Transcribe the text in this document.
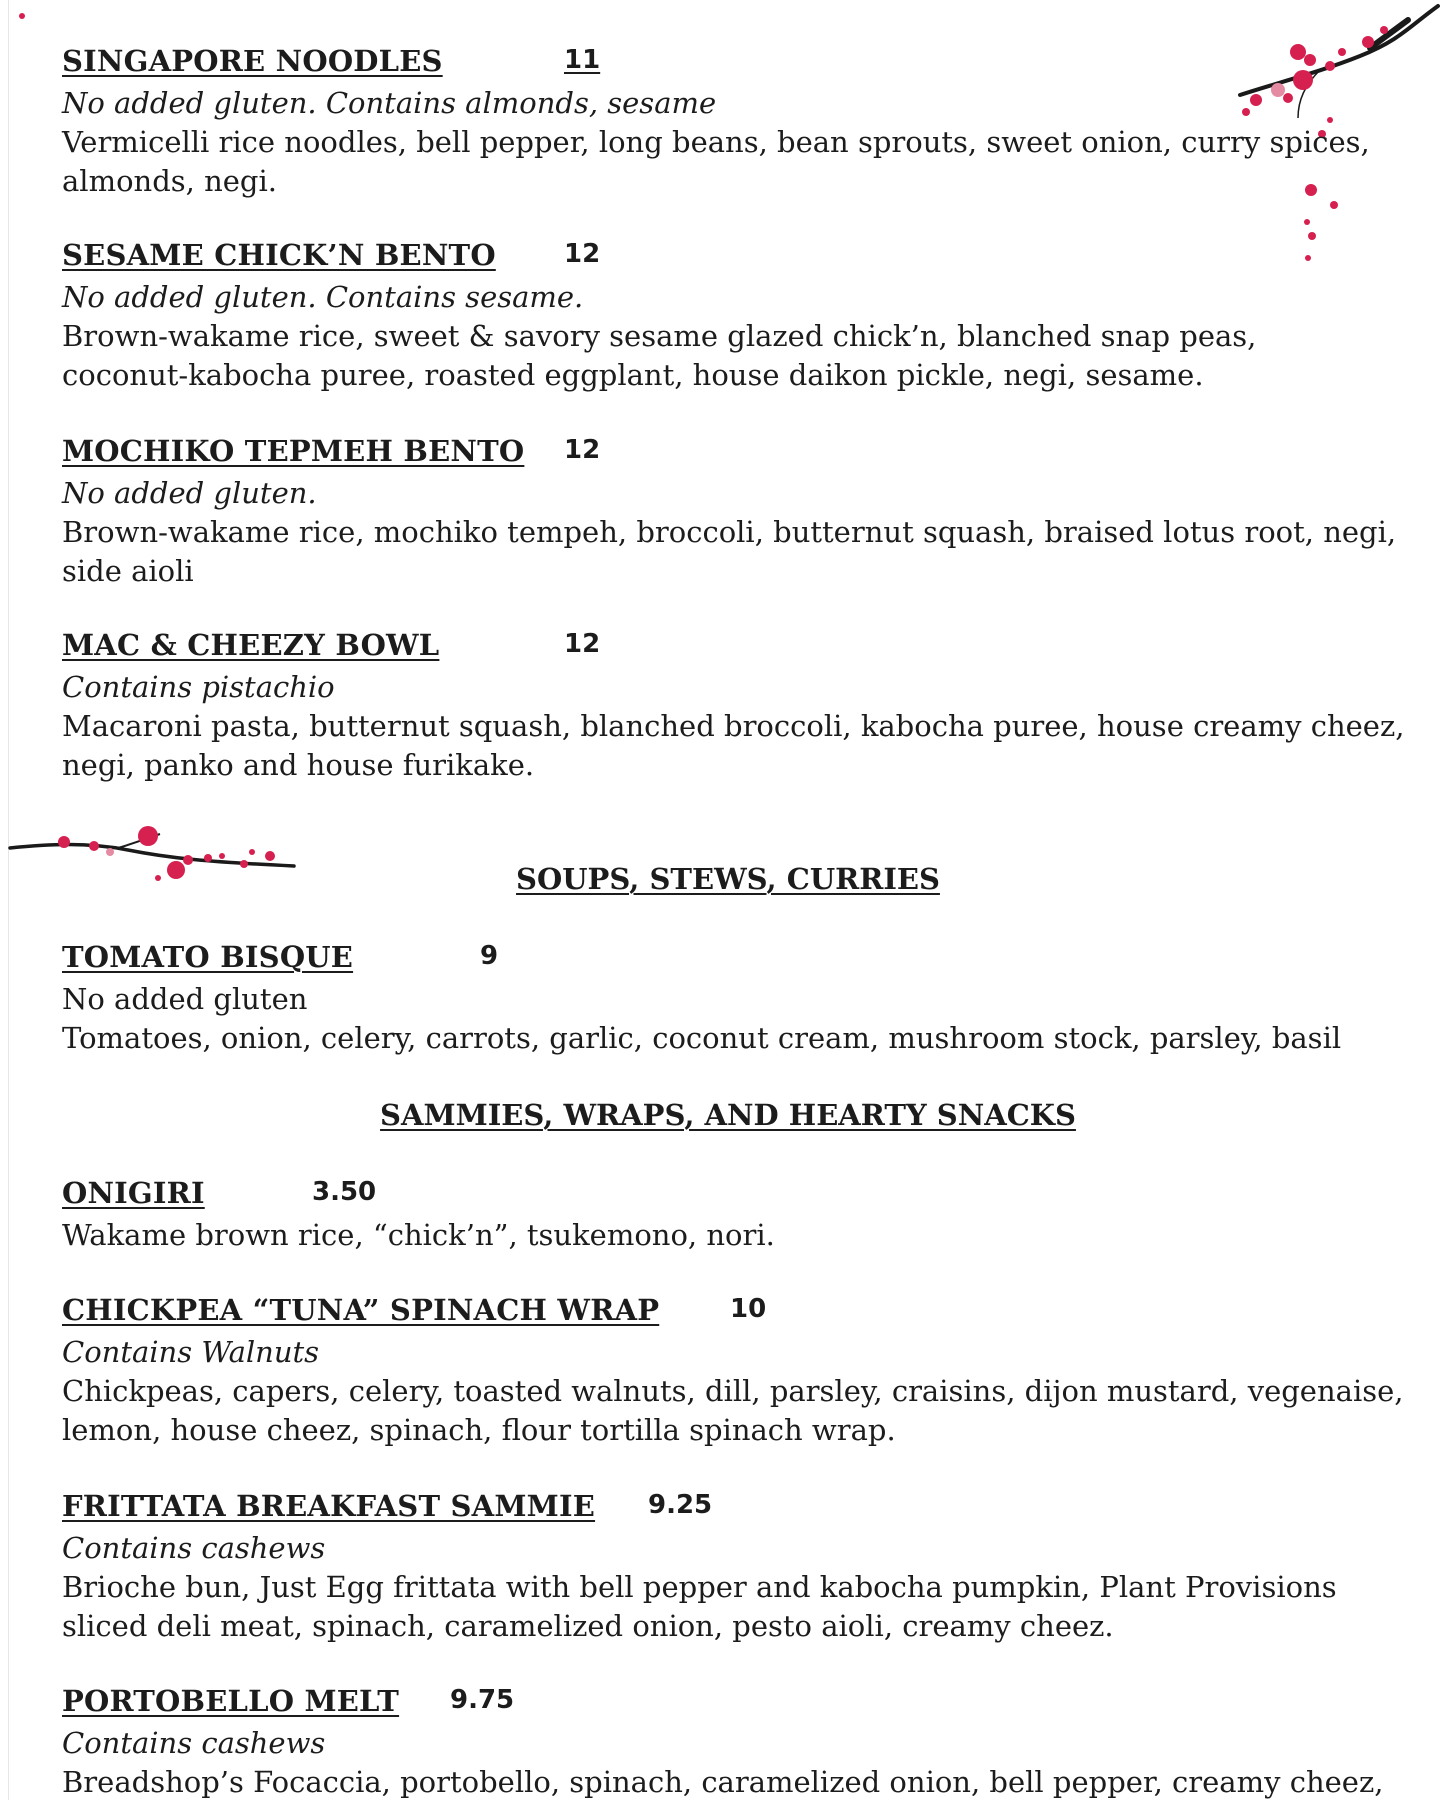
SINGAPORE NOODLES	11
No added gluten. Contains almonds, sesame
Vermicelli rice noodles, bell pepper, long beans, bean sprouts, sweet onion, curry spices,
almonds, negi.
SESAME CHICK’N BENTO	12
No added gluten. Contains sesame.
Brown-wakame rice, sweet & savory sesame glazed chick’n, blanched snap peas,
coconut-kabocha puree, roasted eggplant, house daikon pickle, negi, sesame.
MOCHIKO TEPMEH BENTO 12
No added gluten.
Brown-wakame rice, mochiko tempeh, broccoli, butternut squash, braised lotus root, negi,
side aioli
MAC & CHEEZY BOWL	12
Contains pistachio
Macaroni pasta, butternut squash, blanched broccoli, kabocha puree, house creamy cheez,
negi, panko and house furikake.
SOUPS, STEWS, CURRIES
TOMATO BISQUE	9
No added gluten
Tomatoes, onion, celery, carrots, garlic, coconut cream, mushroom stock, parsley, basil
SAMMIES, WRAPS, AND HEARTY SNACKS
ONIGIRI	3.50
Wakame brown rice, “chick’n”, tsukemono, nori.
CHICKPEA “TUNA” SPINACH WRAP	10
Contains Walnuts
Chickpeas, capers, celery, toasted walnuts, dill, parsley, craisins, dijon mustard, vegenaise,
lemon, house cheez, spinach, flour tortilla spinach wrap.
FRITTATA BREAKFAST SAMMIE 9.25
Contains cashews
Brioche bun, Just Egg frittata with bell pepper and kabocha pumpkin, Plant Provisions
sliced deli meat, spinach, caramelized onion, pesto aioli, creamy cheez.
PORTOBELLO MELT 9.75
Contains cashews
Breadshop’s Focaccia, portobello, spinach, caramelized onion, bell pepper, creamy cheez,
